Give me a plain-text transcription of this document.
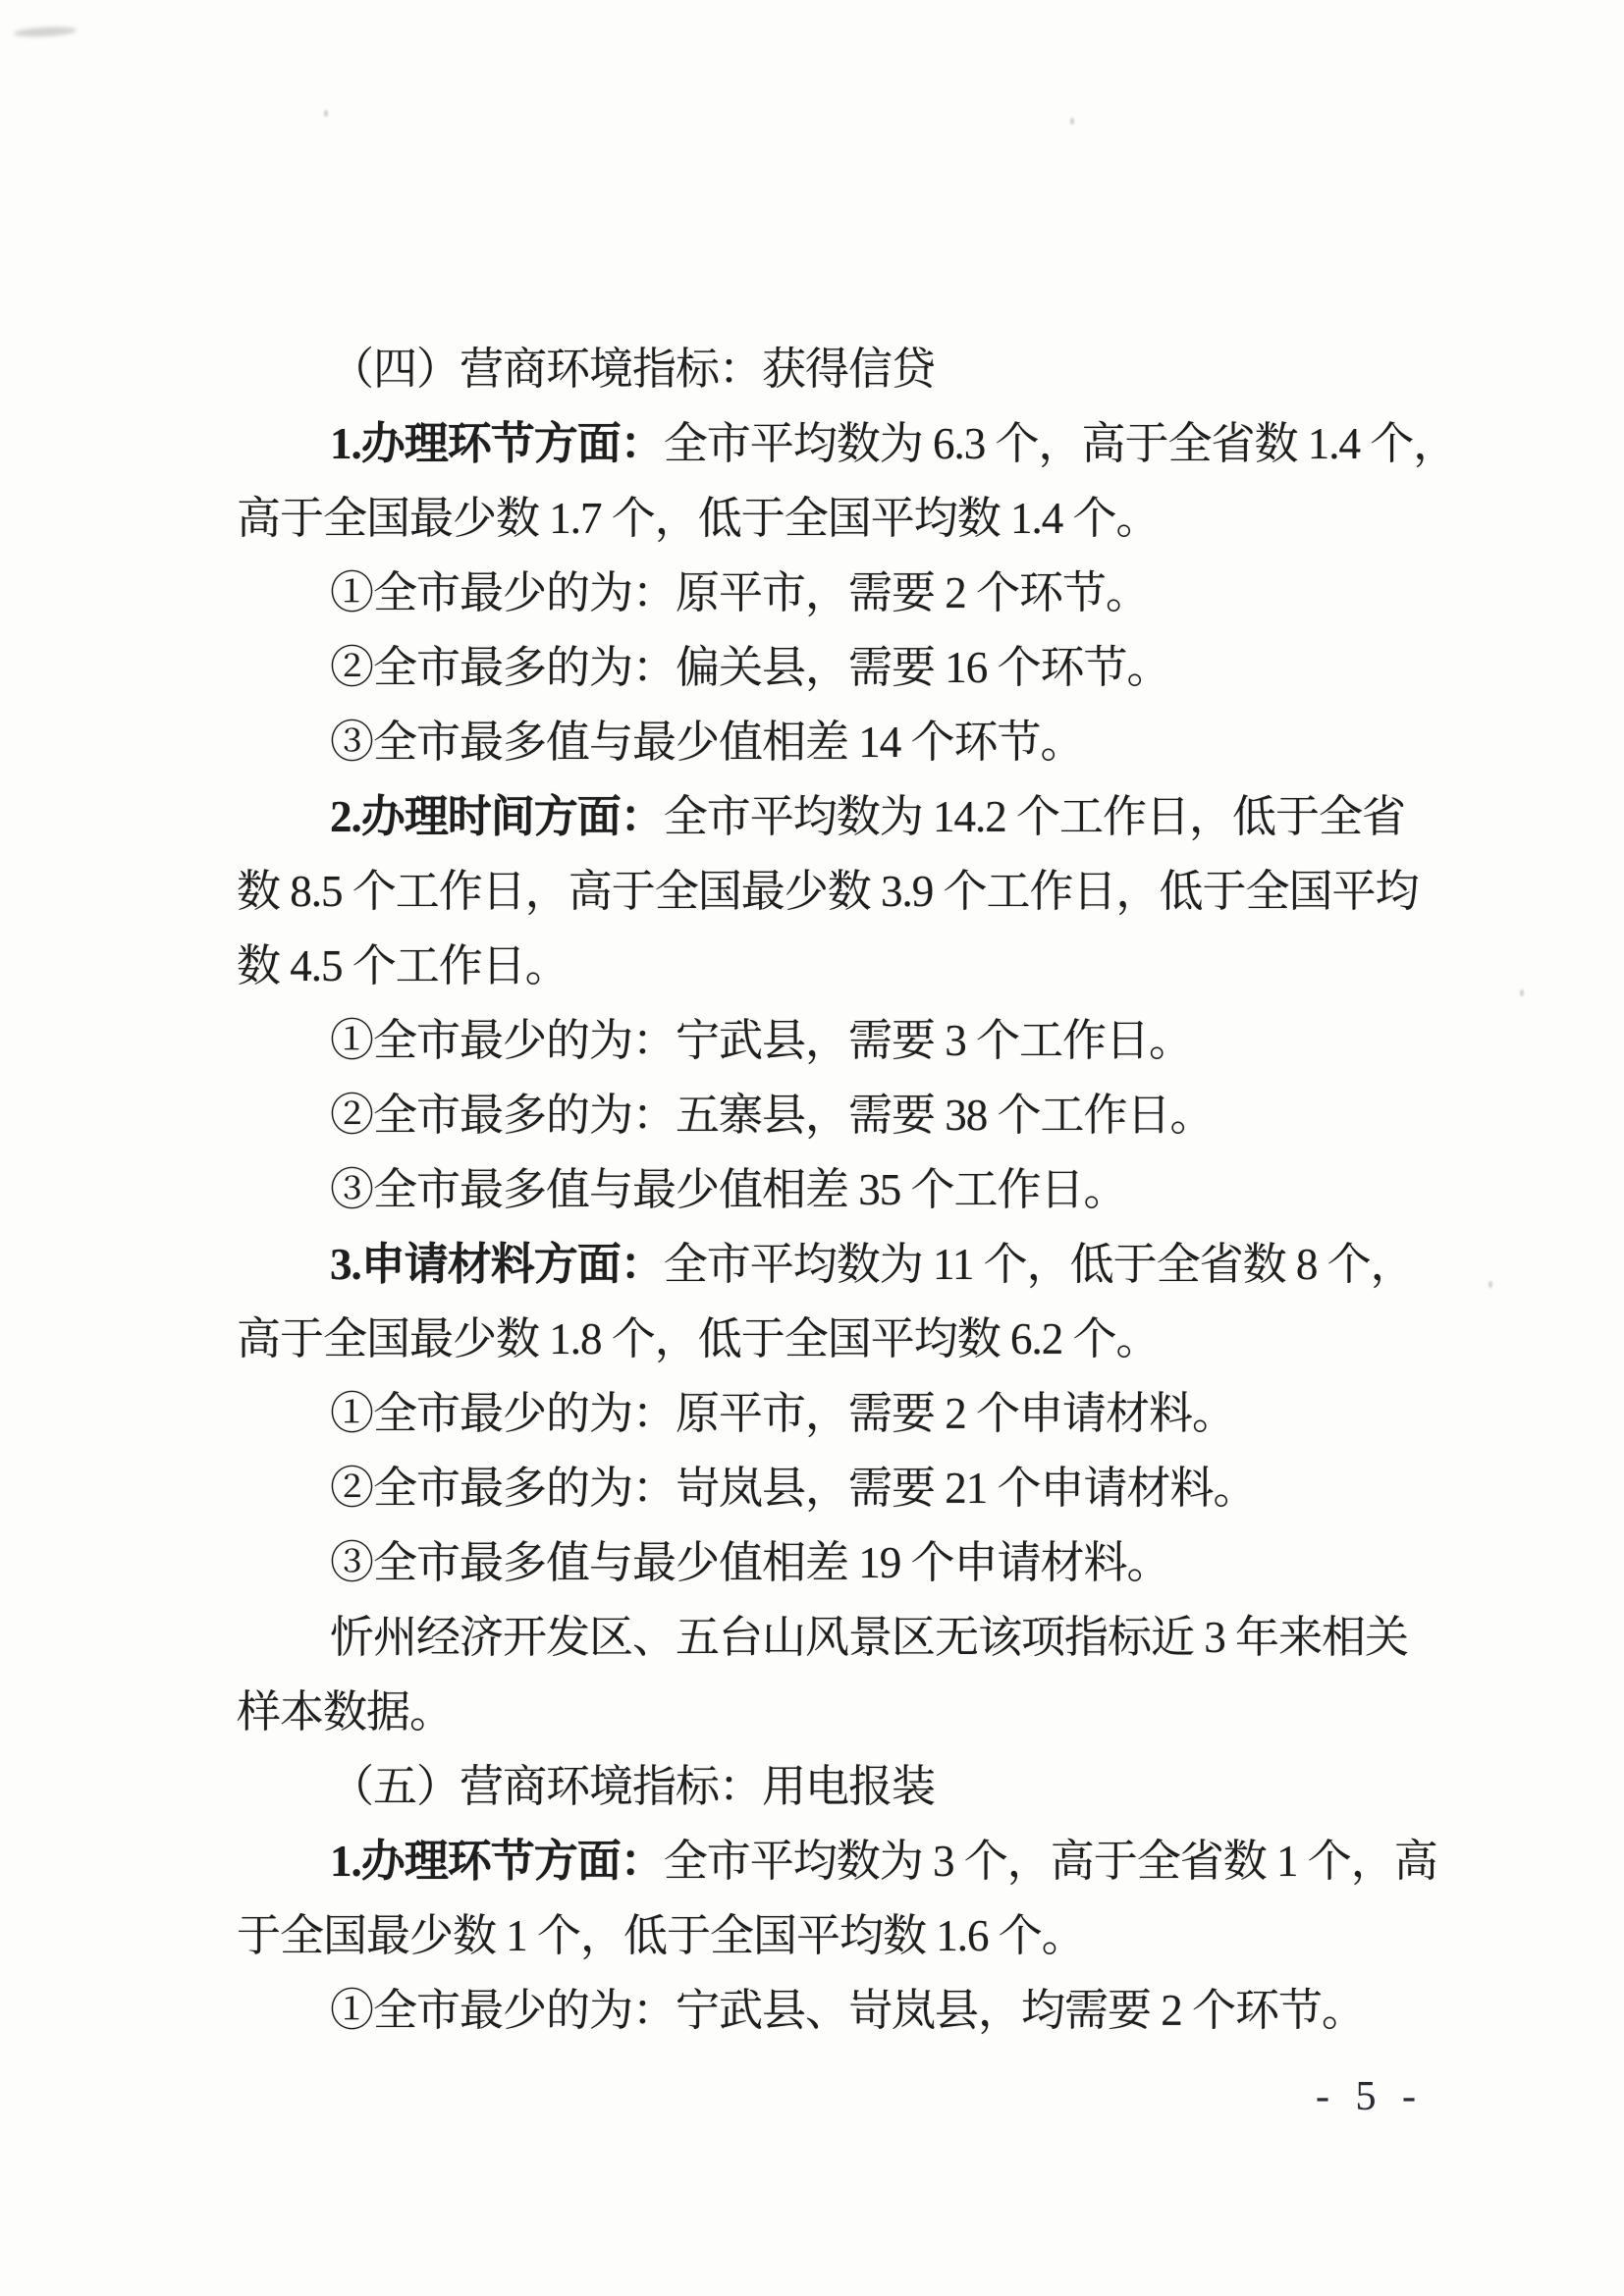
（四）营商环境指标：获得信贷
1.办理环节方面：全市平均数为 6.3 个，高于全省数 1.4 个，
高于全国最少数 1.7 个，低于全国平均数 1.4 个。
①全市最少的为：原平市，需要 2 个环节。
②全市最多的为：偏关县，需要 16 个环节。
③全市最多值与最少值相差 14 个环节。
2.办理时间方面：全市平均数为 14.2 个工作日，低于全省
数 8.5 个工作日，高于全国最少数 3.9 个工作日，低于全国平均
数 4.5 个工作日。
①全市最少的为：宁武县，需要 3 个工作日。
②全市最多的为：五寨县，需要 38 个工作日。
③全市最多值与最少值相差 35 个工作日。
3.申请材料方面：全市平均数为 11 个，低于全省数 8 个，
高于全国最少数 1.8 个，低于全国平均数 6.2 个。
①全市最少的为：原平市，需要 2 个申请材料。
②全市最多的为：岢岚县，需要 21 个申请材料。
③全市最多值与最少值相差 19 个申请材料。
忻州经济开发区、五台山风景区无该项指标近 3 年来相关
样本数据。
（五）营商环境指标：用电报装
1.办理环节方面：全市平均数为 3 个，高于全省数 1 个，高
于全国最少数 1 个，低于全国平均数 1.6 个。
①全市最少的为：宁武县、岢岚县，均需要 2 个环节。
- 5 -
